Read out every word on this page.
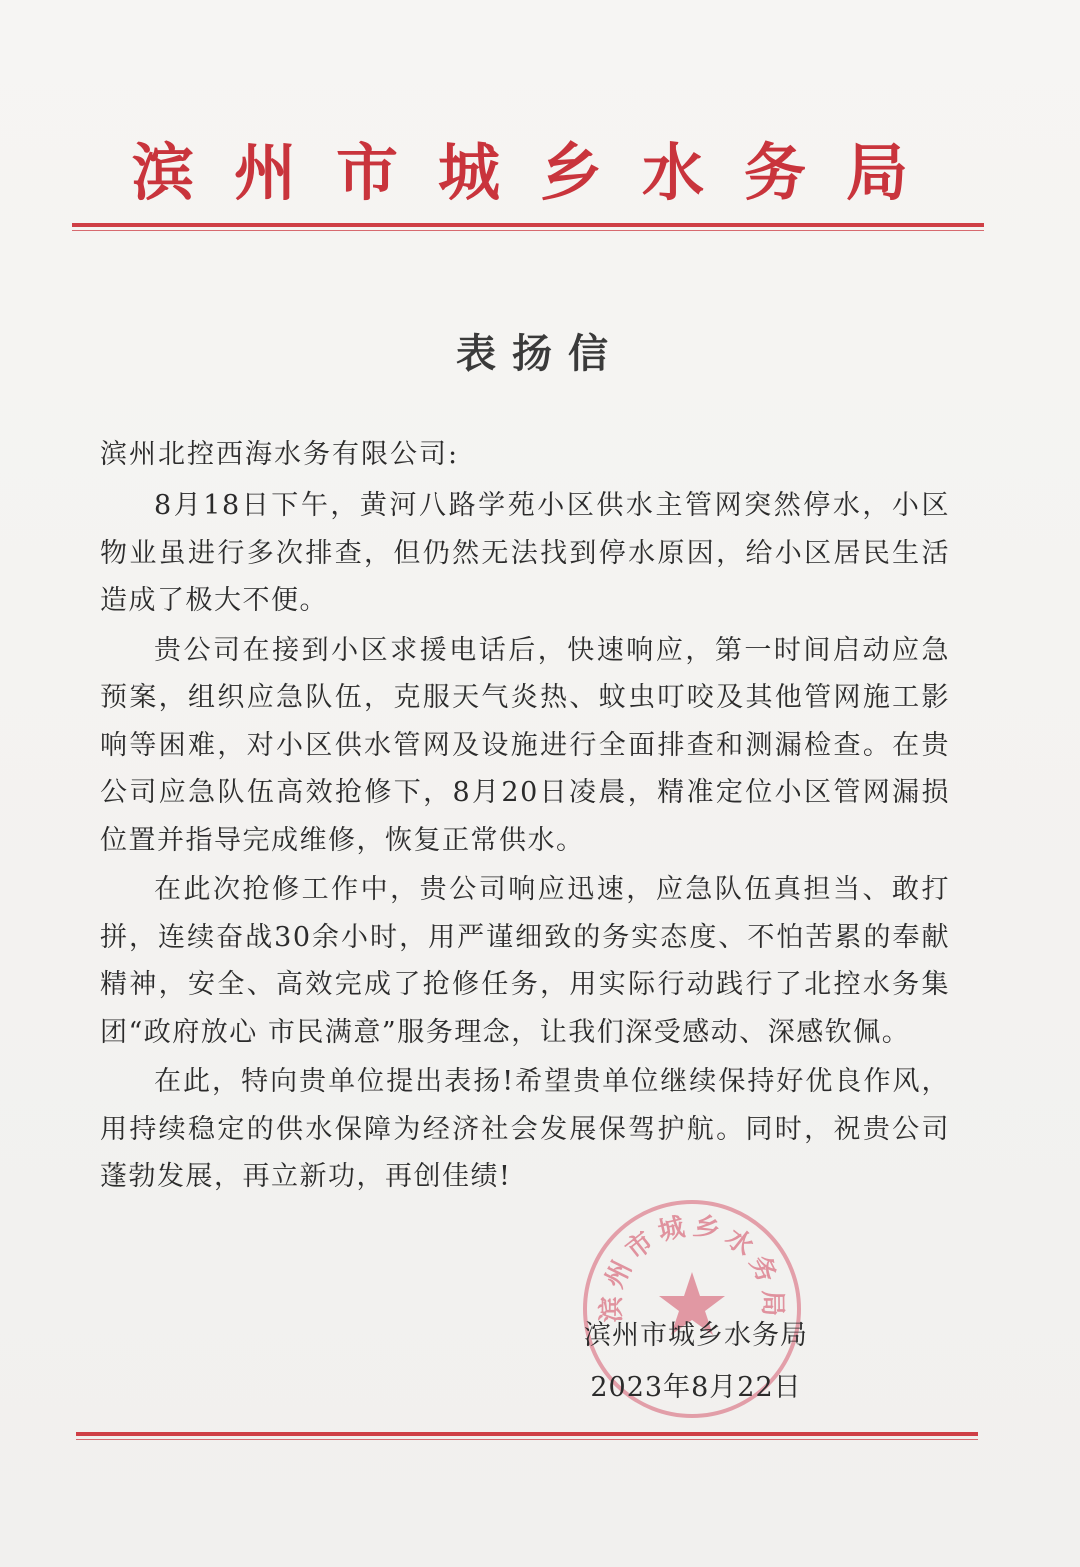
滨州市城乡水务局
表扬信
滨州北控西海水务有限公司:

8月18日下午，黄河八路学苑小区供水主管网突然停水，小区物业虽进行多次排查，但仍然无法找到停水原因，给小区居民生活造成了极大不便。

贵公司在接到小区求援电话后，快速响应，第一时间启动应急预案，组织应急队伍，克服天气炎热、蚊虫叮咬及其他管网施工影响等困难，对小区供水管网及设施进行全面排查和测漏检查。在贵公司应急队伍高效抢修下，8月20日凌晨，精准定位小区管网漏损位置并指导完成维修，恢复正常供水。

在此次抢修工作中，贵公司响应迅速，应急队伍真担当、敢打拼，连续奋战30余小时，用严谨细致的务实态度、不怕苦累的奉献精神，安全、高效完成了抢修任务，用实际行动践行了北控水务集团“政府放心 市民满意”服务理念，让我们深受感动、深感钦佩。

在此，特向贵单位提出表扬!希望贵单位继续保持好优良作风，用持续稳定的供水保障为经济社会发展保驾护航。同时，祝贵公司蓬勃发展，再立新功，再创佳绩!

滨州市城乡水务局
滨州市城乡水务局
2023年8月22日
